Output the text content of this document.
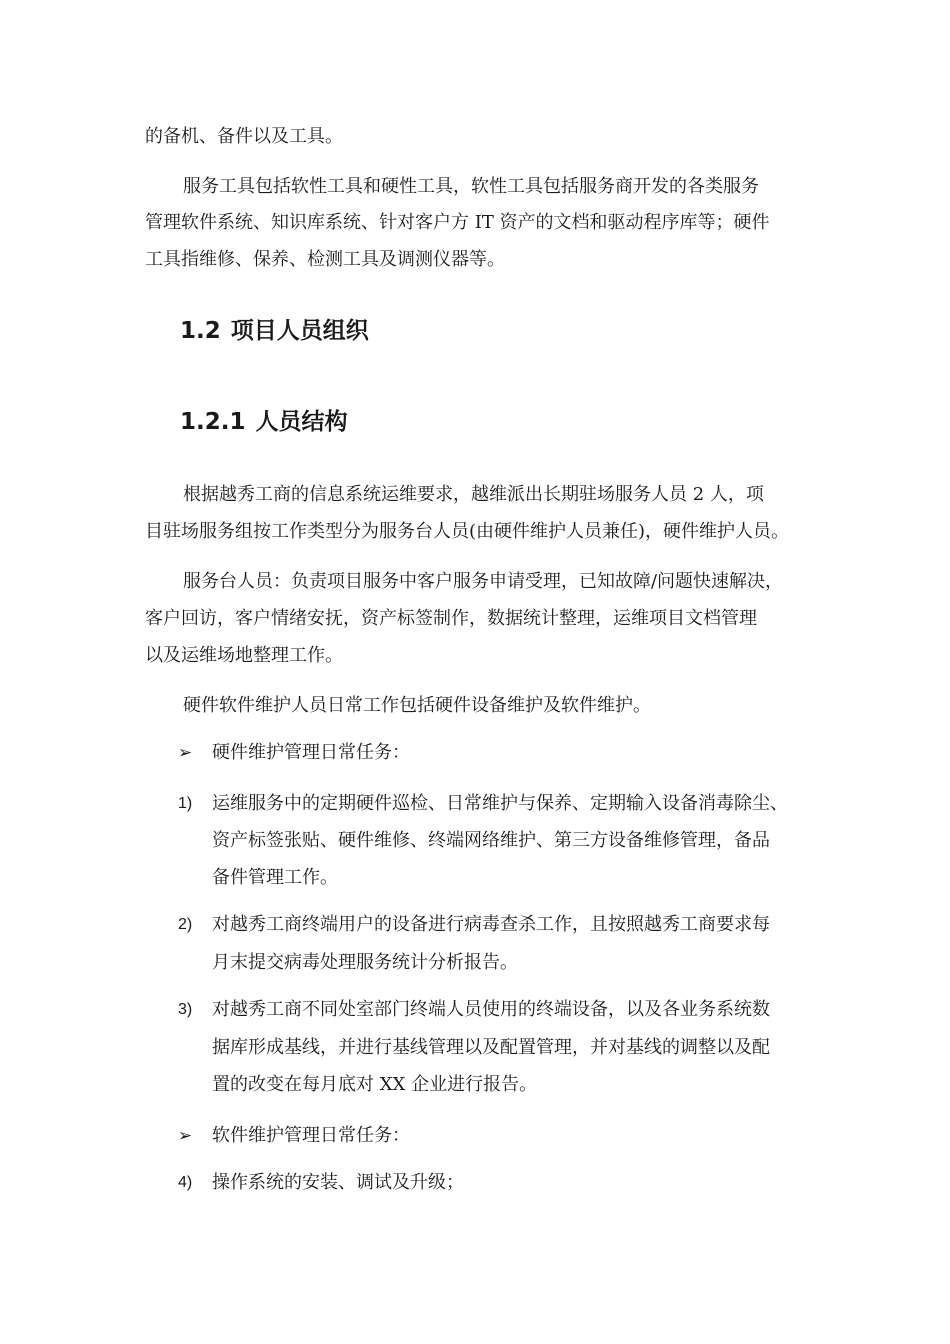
的备机、备件以及工具。
服务工具包括软性工具和硬性工具，软性工具包括服务商开发的各类服务
管理软件系统、知识库系统、针对客户方 IT 资产的文档和驱动程序库等；硬件
工具指维修、保养、检测工具及调测仪器等。
1.2 项目人员组织
1.2.1 人员结构
根据越秀工商的信息系统运维要求，越维派出长期驻场服务人员 2 人，项
目驻场服务组按工作类型分为服务台人员(由硬件维护人员兼任)，硬件维护人员。
服务台人员：负责项目服务中客户服务申请受理，已知故障/问题快速解决，
客户回访，客户情绪安抚，资产标签制作，数据统计整理，运维项目文档管理
以及运维场地整理工作。
硬件软件维护人员日常工作包括硬件设备维护及软件维护。
➢ 硬件维护管理日常任务：
1) 运维服务中的定期硬件巡检、日常维护与保养、定期输入设备消毒除尘、
资产标签张贴、硬件维修、终端网络维护、第三方设备维修管理，备品
备件管理工作。
2) 对越秀工商终端用户的设备进行病毒查杀工作，且按照越秀工商要求每
月末提交病毒处理服务统计分析报告。
3) 对越秀工商不同处室部门终端人员使用的终端设备，以及各业务系统数
据库形成基线，并进行基线管理以及配置管理，并对基线的调整以及配
置的改变在每月底对 XX 企业进行报告。
➢ 软件维护管理日常任务：
4) 操作系统的安装、调试及升级；
